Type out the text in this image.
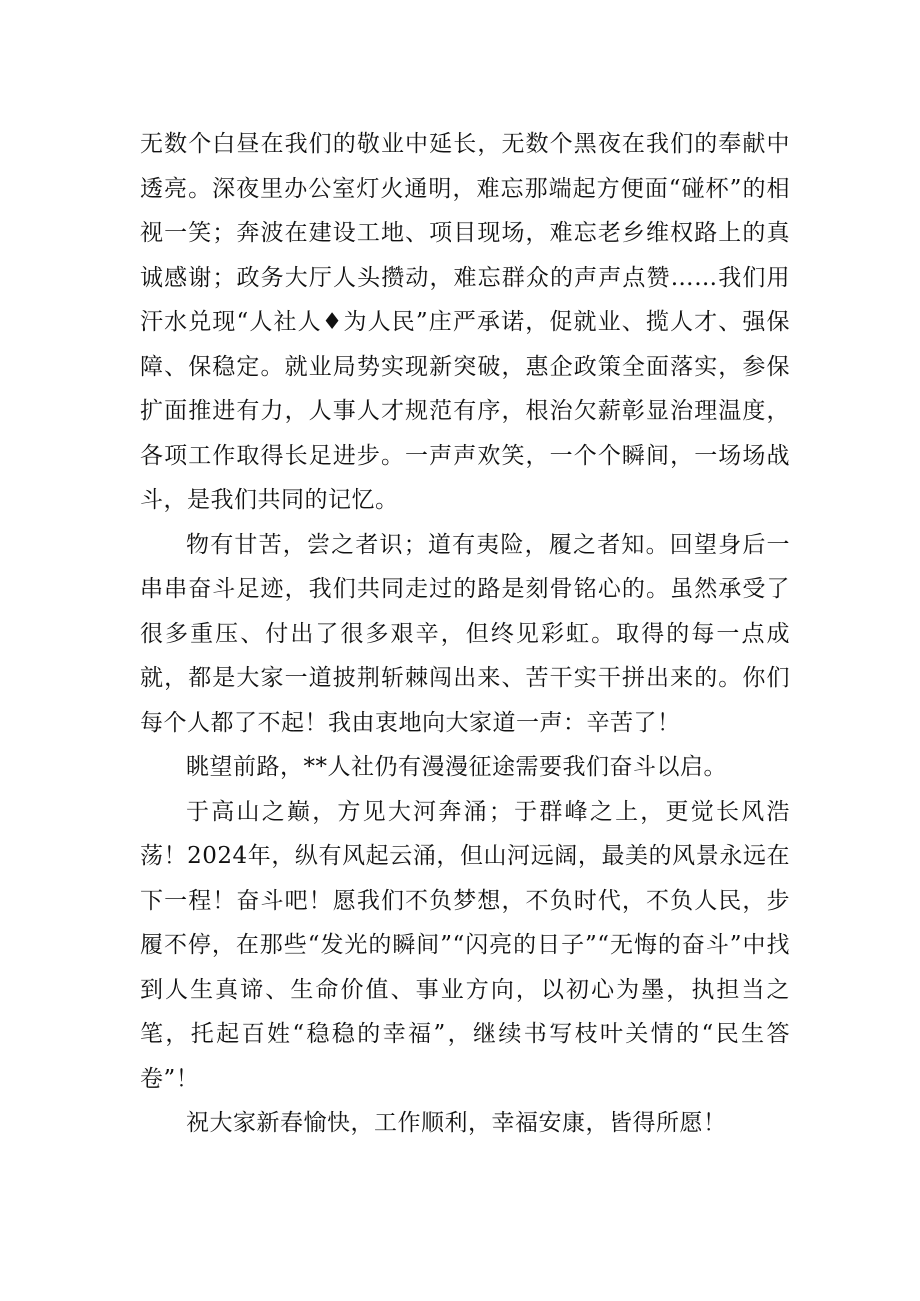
无数个白昼在我们的敬业中延长，无数个黑夜在我们的奉献中透亮。深夜里办公室灯火通明，难忘那端起方便面“碰杯”的相视一笑；奔波在建设工地、项目现场，难忘老乡维权路上的真诚感谢；政务大厅人头攒动，难忘群众的声声点赞……我们用汗水兑现“人社人♦为人民”庄严承诺，促就业、揽人才、强保障、保稳定。就业局势实现新突破，惠企政策全面落实，参保扩面推进有力，人事人才规范有序，根治欠薪彰显治理温度，各项工作取得长足进步。一声声欢笑，一个个瞬间，一场场战斗，是我们共同的记忆。

物有甘苦，尝之者识；道有夷险，履之者知。回望身后一串串奋斗足迹，我们共同走过的路是刻骨铭心的。虽然承受了很多重压、付出了很多艰辛，但终见彩虹。取得的每一点成就，都是大家一道披荆斩棘闯出来、苦干实干拼出来的。你们每个人都了不起！我由衷地向大家道一声：辛苦了！

眺望前路，**人社仍有漫漫征途需要我们奋斗以启。

于高山之巅，方见大河奔涌；于群峰之上，更觉长风浩荡！2024年，纵有风起云涌，但山河远阔，最美的风景永远在下一程！奋斗吧！愿我们不负梦想，不负时代，不负人民，步履不停，在那些“发光的瞬间”“闪亮的日子”“无悔的奋斗”中找到人生真谛、生命价值、事业方向，以初心为墨，执担当之笔，托起百姓“稳稳的幸福”，继续书写枝叶关情的“民生答卷”！

祝大家新春愉快，工作顺利，幸福安康，皆得所愿！
